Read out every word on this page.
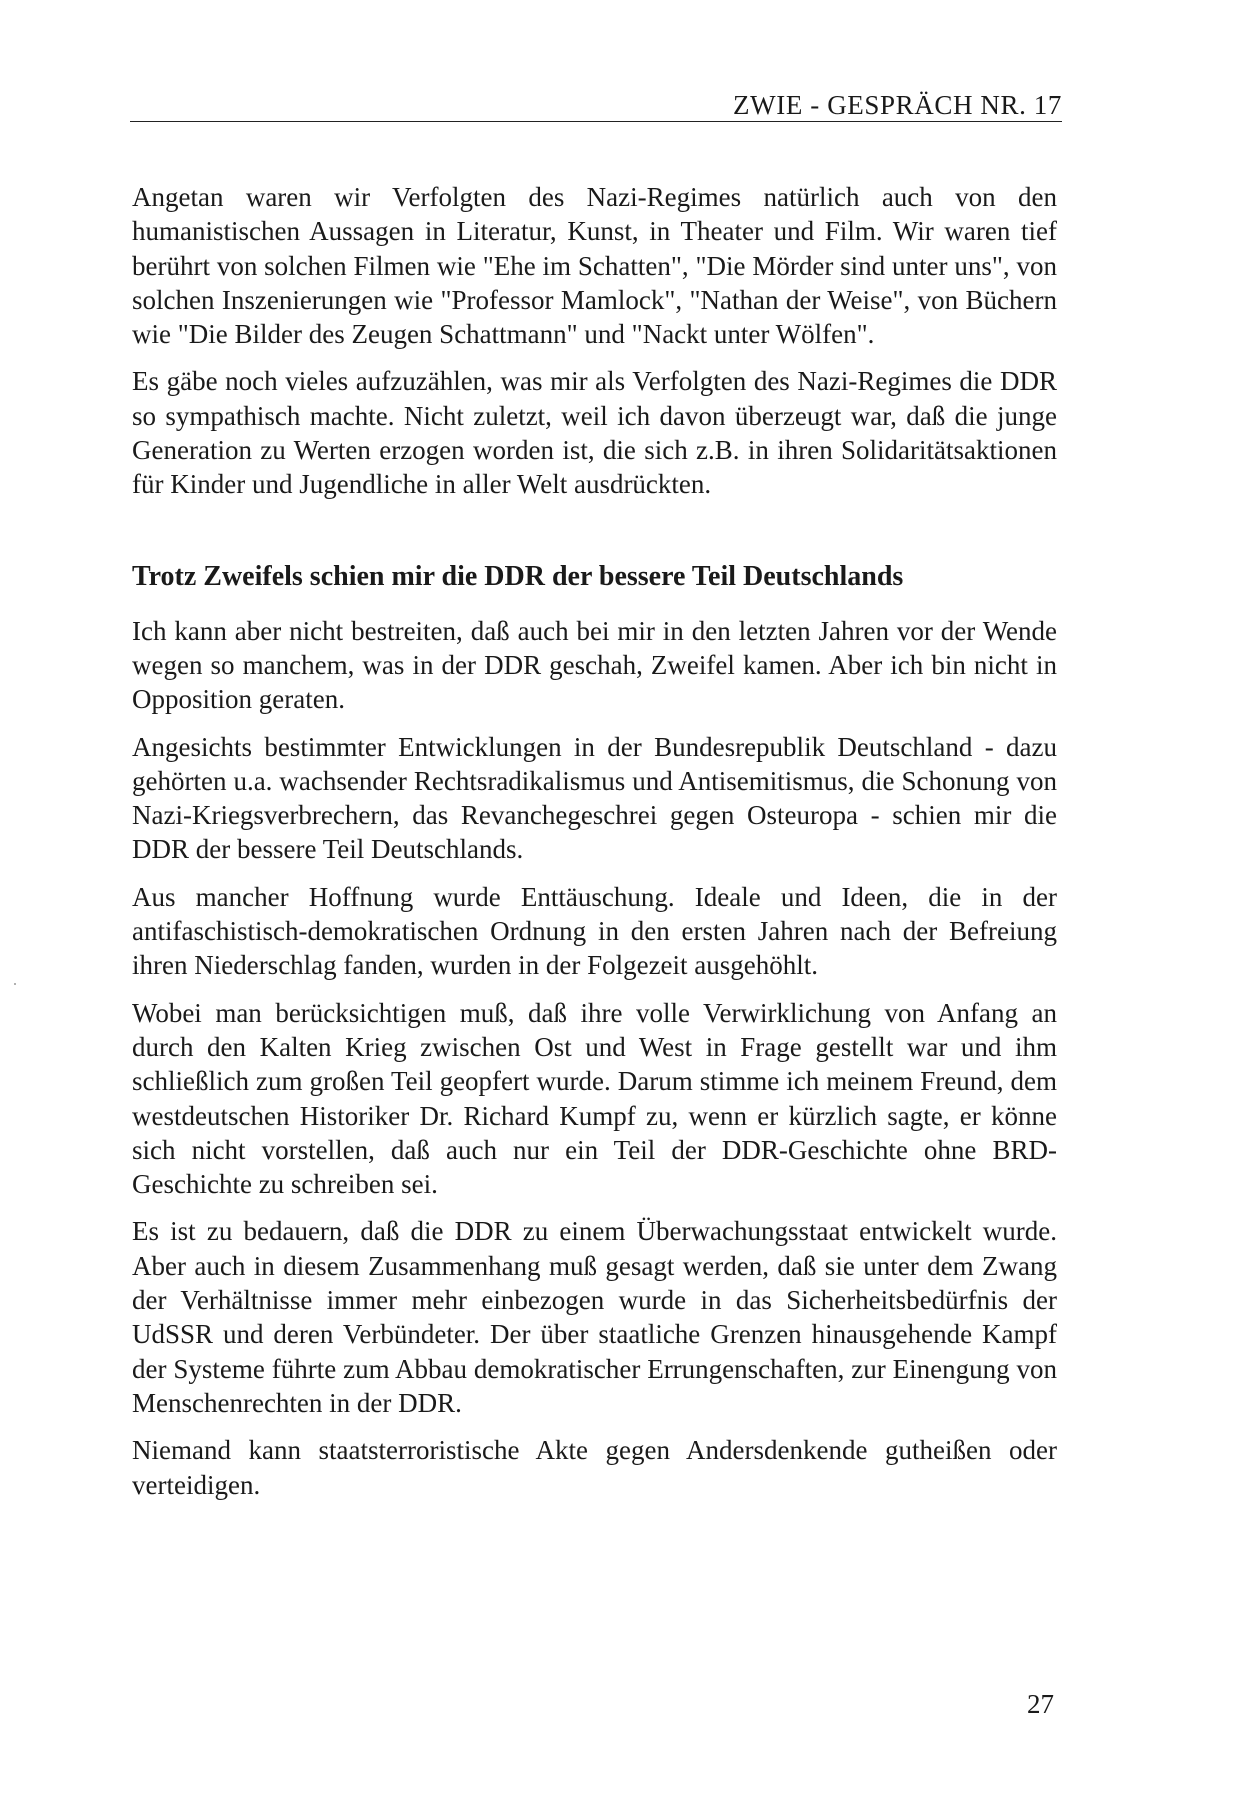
ZWIE - GESPRÄCH NR. 17

Angetan waren wir Verfolgten des Nazi-Regimes natürlich auch von den humanistischen Aussagen in Literatur, Kunst, in Theater und Film. Wir waren tief berührt von solchen Filmen wie "Ehe im Schatten", "Die Mörder sind unter uns", von solchen Inszenierungen wie "Professor Mamlock", "Nathan der Weise", von Büchern wie "Die Bilder des Zeugen Schattmann" und "Nackt unter Wölfen".

Es gäbe noch vieles aufzuzählen, was mir als Verfolgten des Nazi-Regimes die DDR so sympathisch machte. Nicht zuletzt, weil ich davon überzeugt war, daß die junge Generation zu Werten erzogen worden ist, die sich z.B. in ihren Solidaritätsaktionen für Kinder und Jugendliche in aller Welt ausdrückten.

Trotz Zweifels schien mir die DDR der bessere Teil Deutschlands

Ich kann aber nicht bestreiten, daß auch bei mir in den letzten Jahren vor der Wende wegen so manchem, was in der DDR geschah, Zweifel kamen. Aber ich bin nicht in Opposition geraten.

Angesichts bestimmter Entwicklungen in der Bundesrepublik Deutschland - dazu gehörten u.a. wachsender Rechtsradikalismus und Antisemitismus, die Schonung von Nazi-Kriegsverbrechern, das Revanchegeschrei gegen Osteuropa - schien mir die DDR der bessere Teil Deutschlands.

Aus mancher Hoffnung wurde Enttäuschung. Ideale und Ideen, die in der antifaschistisch-demokratischen Ordnung in den ersten Jahren nach der Befreiung ihren Niederschlag fanden, wurden in der Folgezeit ausgehöhlt.

Wobei man berücksichtigen muß, daß ihre volle Verwirklichung von Anfang an durch den Kalten Krieg zwischen Ost und West in Frage gestellt war und ihm schließlich zum großen Teil geopfert wurde. Darum stimme ich meinem Freund, dem westdeutschen Historiker Dr. Richard Kumpf zu, wenn er kürzlich sagte, er könne sich nicht vorstellen, daß auch nur ein Teil der DDR-Geschichte ohne BRD-Geschichte zu schreiben sei.

Es ist zu bedauern, daß die DDR zu einem Überwachungsstaat entwickelt wurde. Aber auch in diesem Zusammenhang muß gesagt werden, daß sie unter dem Zwang der Verhältnisse immer mehr einbezogen wurde in das Sicherheitsbedürfnis der UdSSR und deren Verbündeter. Der über staatliche Grenzen hinausgehende Kampf der Systeme führte zum Abbau demokratischer Errungenschaften, zur Einengung von Menschenrechten in der DDR.

Niemand kann staatsterroristische Akte gegen Andersdenkende gutheißen oder verteidigen.

27
